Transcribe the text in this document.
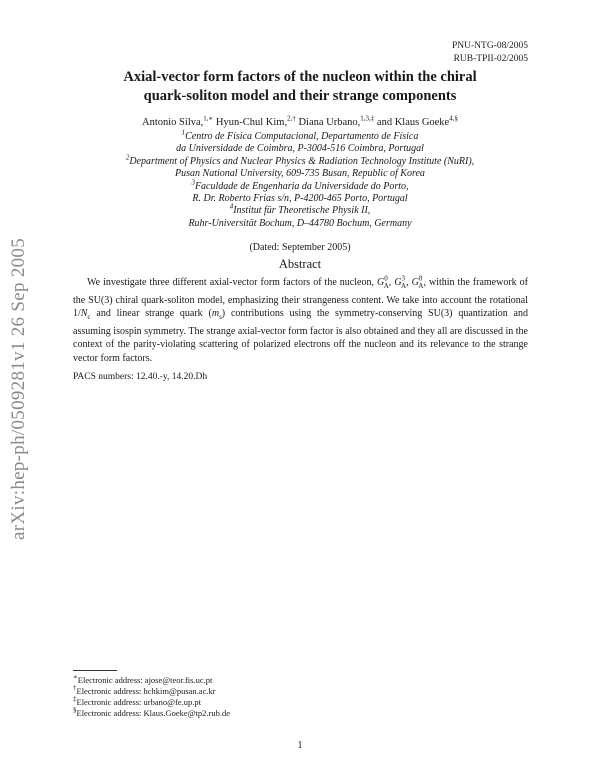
PNU-NTG-08/2005
RUB-TPII-02/2005
arXiv:hep-ph/0509281v1 26 Sep 2005
Axial-vector form factors of the nucleon within the chiral
quark-soliton model and their strange components
Antonio Silva,$^{1,∗}$ Hyun-Chul Kim,$^{2,\dagger}$ Diana Urbano,$^{1,3,\ddagger}$ and Klaus Goeke$^{4,\S}$
$^1$Centro de Física Computacional, Departamento de Física
da Universidade de Coimbra, P-3004-516 Coimbra, Portugal
$^2$Department of Physics and Nuclear Physics & Radiation Technology Institute (NuRI),
Pusan National University, 609-735 Busan, Republic of Korea
$^3$Faculdade de Engenharia da Universidade do Porto,
R. Dr. Roberto Frias s/n, P-4200-465 Porto, Portugal
$^4$Institut für Theoretische Physik II,
Ruhr-Universität Bochum, D–44780 Bochum, Germany
(Dated: September 2005)
Abstract

We investigate three different axial-vector form factors of the nucleon, $G^0_A$, $G^3_A$, $G^8_A$, within the framework of the SU(3) chiral quark-soliton model, emphasizing their strangeness content. We take into account the rotational $1/N_c$ and linear strange quark $(m_s)$ contributions using the symmetry-conserving SU(3) quantization and assuming isospin symmetry. The strange axial-vector form factor is also obtained and they all are discussed in the context of the parity-violating scattering of polarized electrons off the nucleon and its relevance to the strange vector form factors.

PACS numbers: 12.40.-y, 14.20.Dh
∗Electronic address: ajose@teor.fis.uc.pt
†Electronic address: hchkim@pusan.ac.kr
‡Electronic address: urbano@fe.up.pt
§Electronic address: Klaus.Goeke@tp2.rub.de
1
